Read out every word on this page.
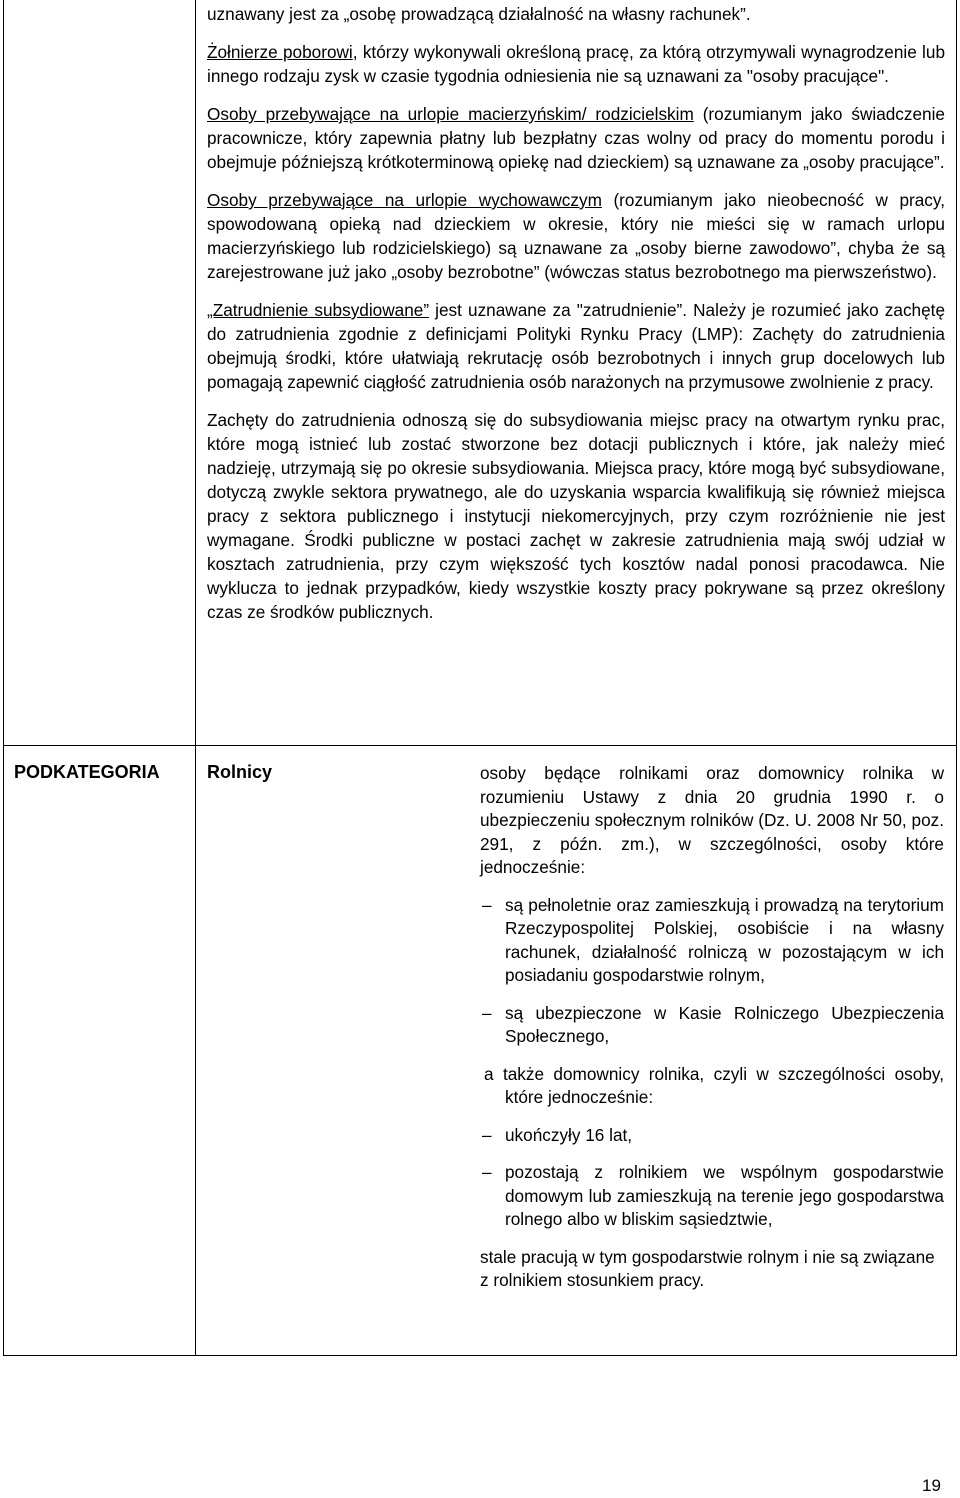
uznawany jest za „osobę prowadzącą działalność na własny rachunek”.

Żołnierze poborowi, którzy wykonywali określoną pracę, za którą otrzymywali wynagrodzenie lub innego rodzaju zysk w czasie tygodnia odniesienia nie są uznawani za "osoby pracujące".

Osoby przebywające na urlopie macierzyńskim/ rodzicielskim (rozumianym jako świadczenie pracownicze, który zapewnia płatny lub bezpłatny czas wolny od pracy do momentu porodu i obejmuje późniejszą krótkoterminową opiekę nad dzieckiem) są uznawane za „osoby pracujące”.

Osoby przebywające na urlopie wychowawczym (rozumianym jako nieobecność w pracy, spowodowaną opieką nad dzieckiem w okresie, który nie mieści się w ramach urlopu macierzyńskiego lub rodzicielskiego) są uznawane za „osoby bierne zawodowo”, chyba że są zarejestrowane już jako „osoby bezrobotne” (wówczas status bezrobotnego ma pierwszeństwo).

„Zatrudnienie subsydiowane” jest uznawane za "zatrudnienie”. Należy je rozumieć jako zachętę do zatrudnienia zgodnie z definicjami Polityki Rynku Pracy (LMP): Zachęty do zatrudnienia obejmują środki, które ułatwiają rekrutację osób bezrobotnych i innych grup docelowych lub pomagają zapewnić ciągłość zatrudnienia osób narażonych na przymusowe zwolnienie z pracy.

Zachęty do zatrudnienia odnoszą się do subsydiowania miejsc pracy na otwartym rynku prac, które mogą istnieć lub zostać stworzone bez dotacji publicznych i które, jak należy mieć nadzieję, utrzymają się po okresie subsydiowania. Miejsca pracy, które mogą być subsydiowane, dotyczą zwykle sektora prywatnego, ale do uzyskania wsparcia kwalifikują się również miejsca pracy z sektora publicznego i instytucji niekomercyjnych, przy czym rozróżnienie nie jest wymagane. Środki publiczne w postaci zachęt w zakresie zatrudnienia mają swój udział w kosztach zatrudnienia, przy czym większość tych kosztów nadal ponosi pracodawca. Nie wyklucza to jednak przypadków, kiedy wszystkie koszty pracy pokrywane są przez określony czas ze środków publicznych.

PODKATEGORIA	Rolnicy	osoby będące rolnikami oraz domownicy rolnika w rozumieniu Ustawy z dnia 20 grudnia 1990 r. o ubezpieczeniu społecznym rolników (Dz. U. 2008 Nr 50, poz. 291, z późn. zm.), w szczególności, osoby które jednocześnie:

– są pełnoletnie oraz zamieszkują i prowadzą na terytorium Rzeczypospolitej Polskiej, osobiście i na własny rachunek, działalność rolniczą w pozostającym w ich posiadaniu gospodarstwie rolnym,
– są ubezpieczone w Kasie Rolniczego Ubezpieczenia Społecznego,

a także domownicy rolnika, czyli w szczególności osoby, które jednocześnie:

– ukończyły 16 lat,
– pozostają z rolnikiem we wspólnym gospodarstwie domowym lub zamieszkują na terenie jego gospodarstwa rolnego albo w bliskim sąsiedztwie,

stale pracują w tym gospodarstwie rolnym i nie są związane z rolnikiem stosunkiem pracy.

19
